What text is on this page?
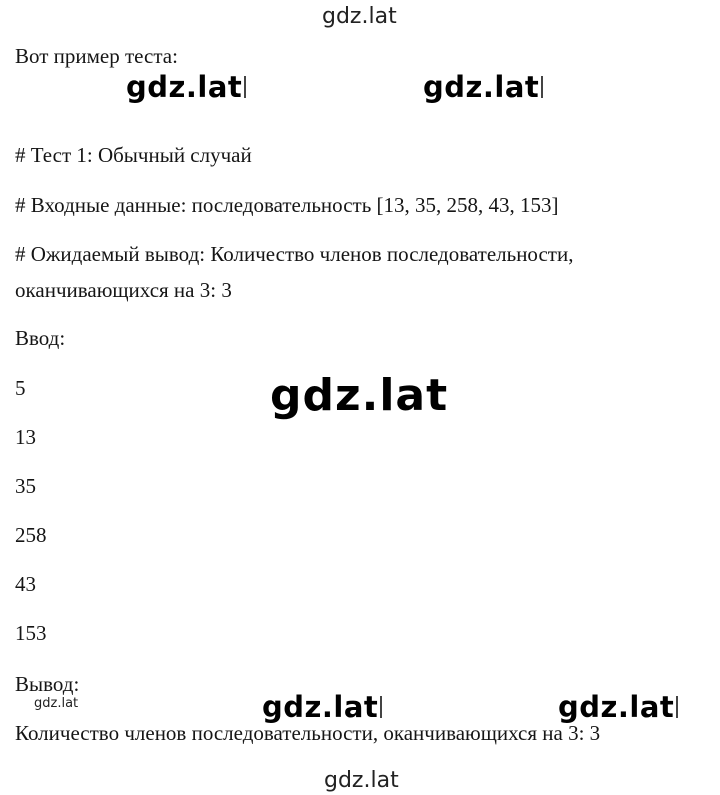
gdz.lat
gdz.lat	gdz.lat
gdz.lat
gdz.lat	gdz.lat	gdz.lat
gdz.lat

Вот пример теста:

# Тест 1: Обычный случай

# Входные данные: последовательность [13, 35, 258, 43, 153]

# Ожидаемый вывод: Количество членов последовательности,

оканчивающихся на 3: 3

Ввод:

5

13

35

258

43

153

Вывод:

Количество членов последовательности, оканчивающихся на 3: 3
